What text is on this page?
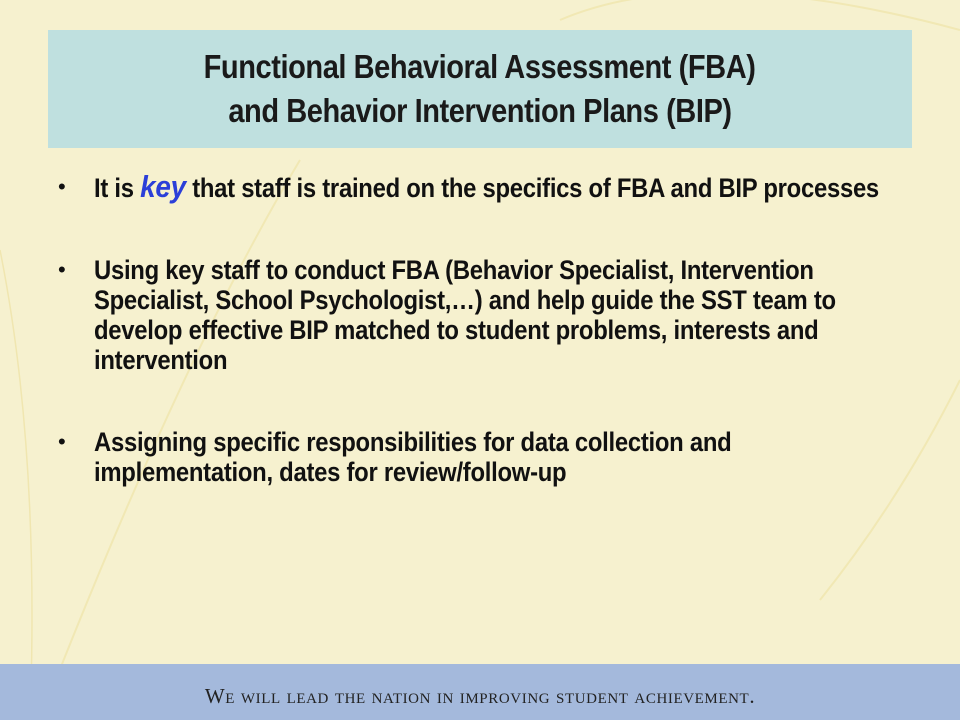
Functional Behavioral Assessment (FBA)
and Behavior Intervention Plans (BIP)
• It is key that staff is trained on the specifics of FBA and BIP processes
• Using key staff to conduct FBA (Behavior Specialist, Intervention Specialist, School Psychologist,…) and help guide the SST team to develop effective BIP matched to student problems, interests and intervention
• Assigning specific responsibilities for data collection and implementation, dates for review/follow-up
We will lead the nation in improving student achievement.
